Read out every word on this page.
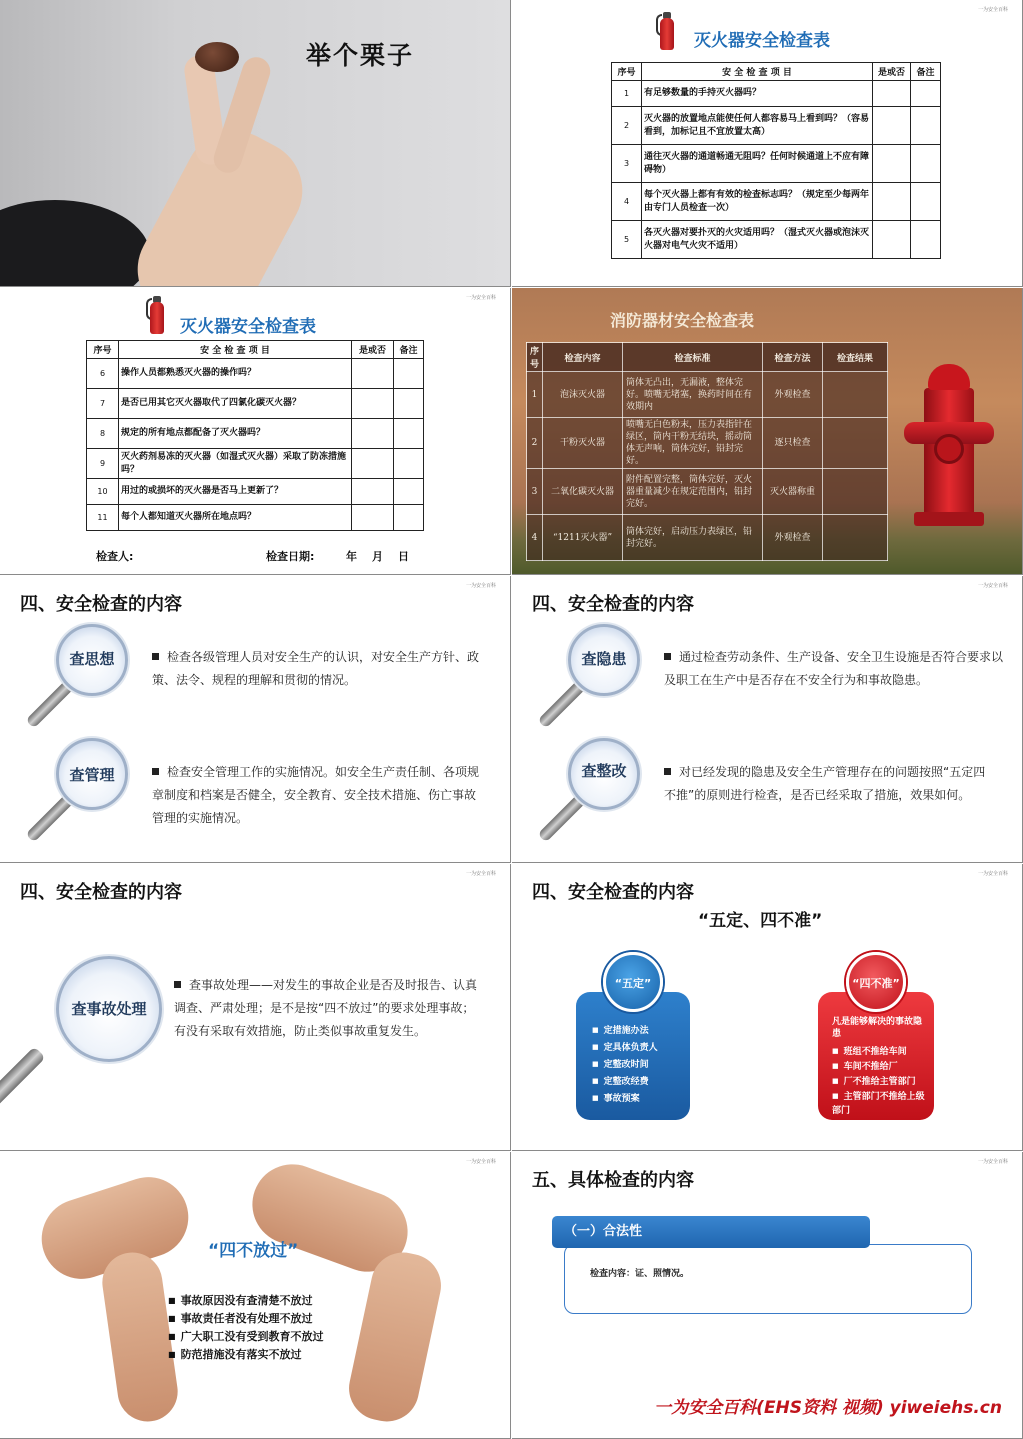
举个栗子
一为安全百科
灭火器安全检查表
序号	安 全 检 查 项 目	是或否	备注
1	有足够数量的手持灭火器吗？		
2	灭火器的放置地点能使任何人都容易马上看到吗？（容易看到，加标记且不宜放置太高）		
3	通往灭火器的通道畅通无阻吗？任何时候通道上不应有障碍物）		
4	每个灭火器上都有有效的检查标志吗？（规定至少每两年由专门人员检查一次）		
5	各灭火器对要扑灭的火灾适用吗？（湿式灭火器或泡沫灭火器对电气火灾不适用）		
一为安全百科
灭火器安全检查表
序号	安 全 检 查 项 目	是或否	备注
6	操作人员都熟悉灭火器的操作吗？		
7	是否已用其它灭火器取代了四氯化碳灭火器？		
8	规定的所有地点都配备了灭火器吗？		
9	灭火药剂易冻的灭火器（如湿式灭火器）采取了防冻措施吗？		
10	用过的或损坏的灭火器是否马上更新了？		
11	每个人都知道灭火器所在地点吗？		
检查人:	检查日期:	年 月 日
消防器材安全检查表
序号	检查内容	检查标准	检查方法	检查结果
1	泡沫灭火器	筒体无凸出，无漏液，整体完好。喷嘴无堵塞，换药时间在有效期内	外观检查	
2	干粉灭火器	喷嘴无白色粉末，压力表指针在绿区，筒内干粉无结块，摇动筒体无声响，筒体完好，铅封完好。	逐只检查	
3	二氧化碳灭火器	附件配置完整，筒体完好，灭火器重量减少在规定范围内，铅封完好。	灭火器称重	
4	“1211灭火器”	筒体完好，启动压力表绿区，铅封完好。	外观检查	
一为安全百科
四、安全检查的内容
查思想	检查各级管理人员对安全生产的认识，对安全生产方针、政策、法令、规程的理解和贯彻的情况。
查管理	检查安全管理工作的实施情况。如安全生产责任制、各项规章制度和档案是否健全，安全教育、安全技术措施、伤亡事故管理的实施情况。
一为安全百科
四、安全检查的内容
查隐患	通过检查劳动条件、生产设备、安全卫生设施是否符合要求以及职工在生产中是否存在不安全行为和事故隐患。
查整改	对已经发现的隐患及安全生产管理存在的问题按照“五定四不推”的原则进行检查，是否已经采取了措施，效果如何。
一为安全百科
四、安全检查的内容
查事故处理
查事故处理——对发生的事故企业是否及时报告、认真调查、严肃处理；是不是按“四不放过”的要求处理事故；有没有采取有效措施，防止类似事故重复发生。
一为安全百科
四、安全检查的内容
“五定、四不准”
■ 定措施办法
■ 定具体负责人
■ 定整改时间
■ 定整改经费
■ 事故预案
“五定”
凡是能够解决的事故隐患
■ 班组不推给车间
■ 车间不推给厂
■ 厂不推给主管部门
■ 主管部门不推给上级部门
“四不准”
一为安全百科
“四不放过”
■ 事故原因没有查清楚不放过
■ 事故责任者没有处理不放过
■ 广大职工没有受到教育不放过
■ 防范措施没有落实不放过
一为安全百科
五、具体检查的内容
（一）合法性
检查内容：证、照情况。
一为安全百科(EHS资料 视频) yiweiehs.cn
